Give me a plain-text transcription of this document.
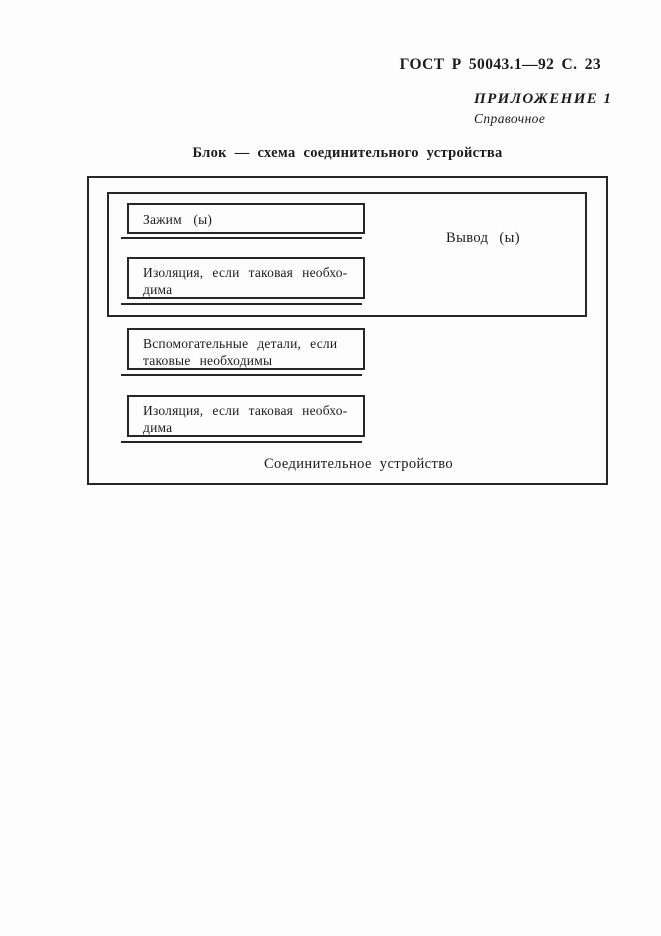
ГОСТ Р 50043.1—92 С. 23
ПРИЛОЖЕНИЕ 1
Справочное
Блок — схема соединительного устройства
Зажим (ы)
Изоляция, если таковая необхо-
дима
Вывод (ы)
Вспомогательные детали, если
таковые необходимы
Изоляция, если таковая необхо-
дима
Соединительное устройство
